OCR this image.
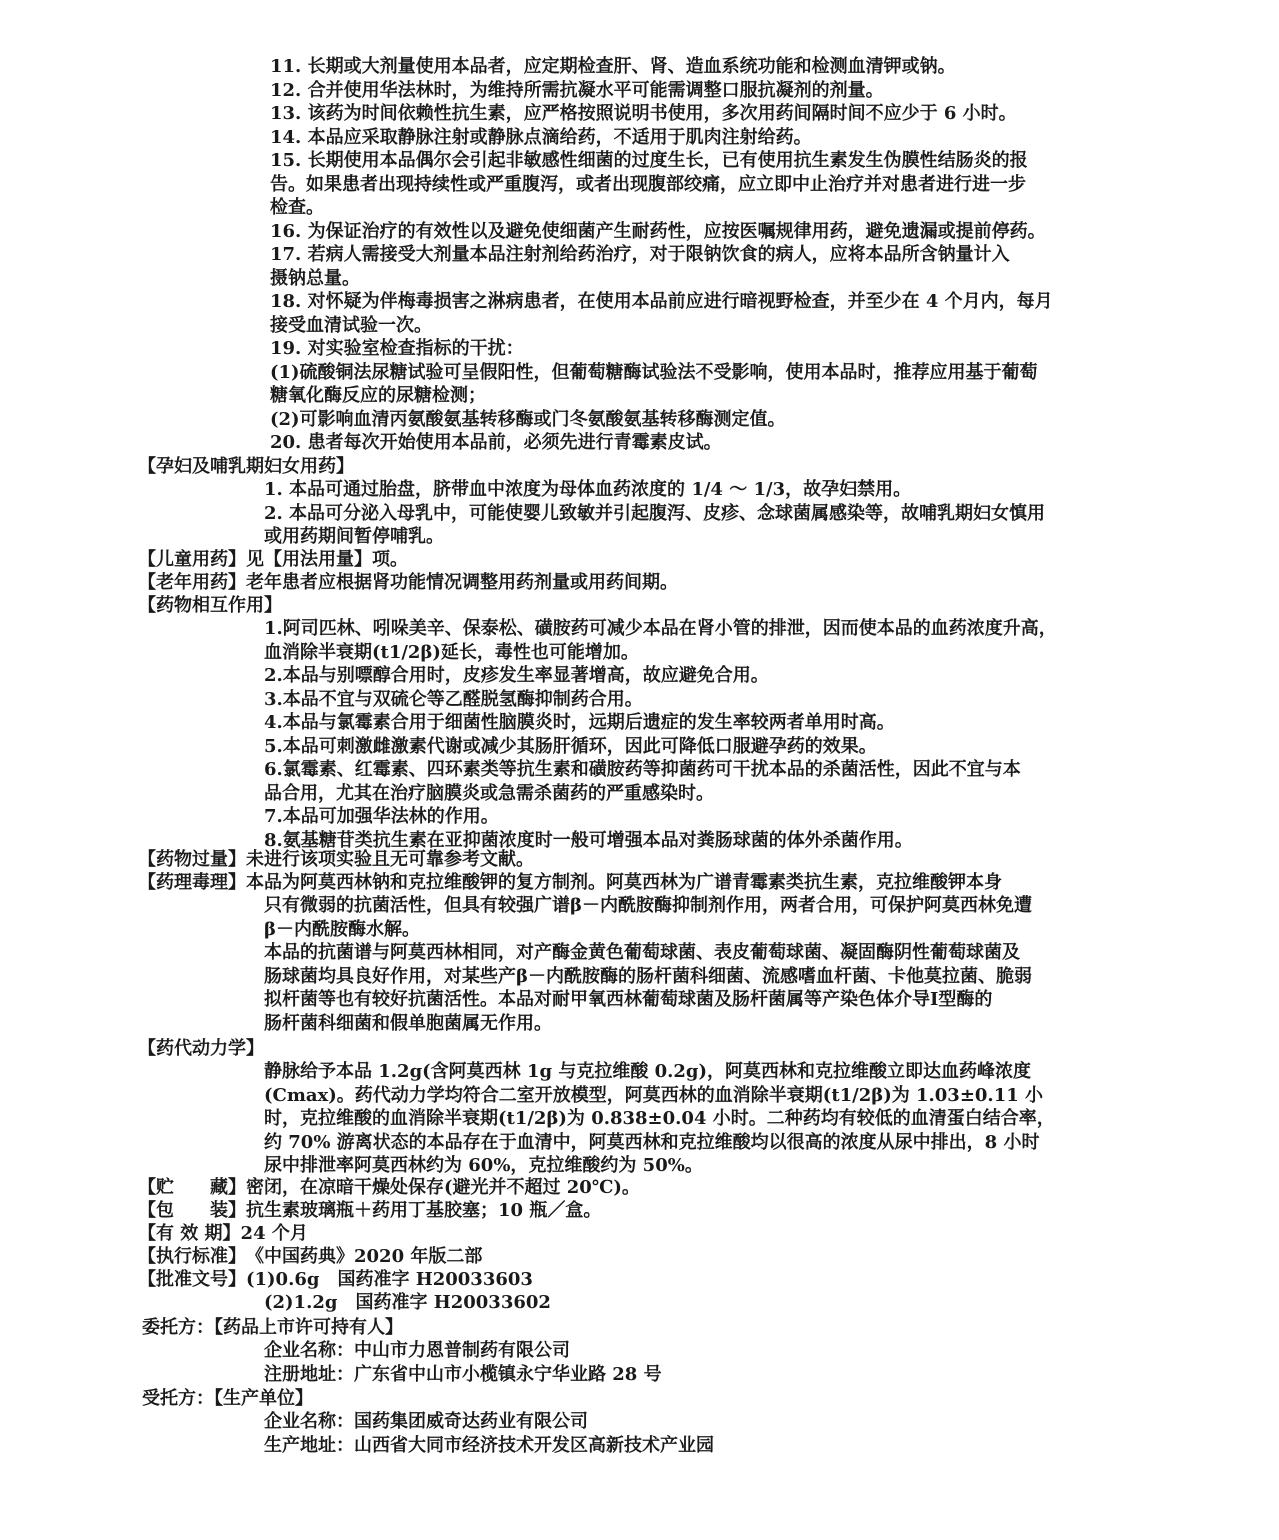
11. 长期或大剂量使用本品者，应定期检查肝、肾、造血系统功能和检测血清钾或钠。
12. 合并使用华法林时，为维持所需抗凝水平可能需调整口服抗凝剂的剂量。
13. 该药为时间依赖性抗生素，应严格按照说明书使用，多次用药间隔时间不应少于 6 小时。
14. 本品应采取静脉注射或静脉点滴给药，不适用于肌肉注射给药。
15. 长期使用本品偶尔会引起非敏感性细菌的过度生长，已有使用抗生素发生伪膜性结肠炎的报
告。如果患者出现持续性或严重腹泻，或者出现腹部绞痛，应立即中止治疗并对患者进行进一步
检查。
16. 为保证治疗的有效性以及避免使细菌产生耐药性，应按医嘱规律用药，避免遗漏或提前停药。
17. 若病人需接受大剂量本品注射剂给药治疗，对于限钠饮食的病人，应将本品所含钠量计入
摄钠总量。
18. 对怀疑为伴梅毒损害之淋病患者，在使用本品前应进行暗视野检查，并至少在 4 个月内，每月
接受血清试验一次。
19. 对实验室检查指标的干扰：
(1)硫酸铜法尿糖试验可呈假阳性，但葡萄糖酶试验法不受影响，使用本品时，推荐应用基于葡萄
糖氧化酶反应的尿糖检测；
(2)可影响血清丙氨酸氨基转移酶或门冬氨酸氨基转移酶测定值。
20. 患者每次开始使用本品前，必须先进行青霉素皮试。
【孕妇及哺乳期妇女用药】
1. 本品可通过胎盘，脐带血中浓度为母体血药浓度的 1/4 ～ 1/3，故孕妇禁用。
2. 本品可分泌入母乳中，可能使婴儿致敏并引起腹泻、皮疹、念球菌属感染等，故哺乳期妇女慎用
或用药期间暂停哺乳。
【儿童用药】 见【用法用量】项。
【老年用药】 老年患者应根据肾功能情况调整用药剂量或用药间期。
【药物相互作用】
1.阿司匹林、吲哚美辛、保泰松、磺胺药可减少本品在肾小管的排泄，因而使本品的血药浓度升高，
血消除半衰期(t1/2β)延长，毒性也可能增加。
2.本品与别嘌醇合用时，皮疹发生率显著增高，故应避免合用。
3.本品不宜与双硫仑等乙醛脱氢酶抑制药合用。
4.本品与氯霉素合用于细菌性脑膜炎时，远期后遗症的发生率较两者单用时高。
5.本品可刺激雌激素代谢或减少其肠肝循环，因此可降低口服避孕药的效果。
6.氯霉素、红霉素、四环素类等抗生素和磺胺药等抑菌药可干扰本品的杀菌活性，因此不宜与本
品合用，尤其在治疗脑膜炎或急需杀菌药的严重感染时。
7.本品可加强华法林的作用。
8.氨基糖苷类抗生素在亚抑菌浓度时一般可增强本品对粪肠球菌的体外杀菌作用。
【药物过量】 未进行该项实验且无可靠参考文献。
【药理毒理】 本品为阿莫西林钠和克拉维酸钾的复方制剂。阿莫西林为广谱青霉素类抗生素，克拉维酸钾本身
只有微弱的抗菌活性，但具有较强广谱β－内酰胺酶抑制剂作用，两者合用，可保护阿莫西林免遭
β－内酰胺酶水解。
本品的抗菌谱与阿莫西林相同，对产酶金黄色葡萄球菌、表皮葡萄球菌、凝固酶阴性葡萄球菌及
肠球菌均具良好作用，对某些产β－内酰胺酶的肠杆菌科细菌、流感嗜血杆菌、卡他莫拉菌、脆弱
拟杆菌等也有较好抗菌活性。本品对耐甲氧西林葡萄球菌及肠杆菌属等产染色体介导Ⅰ型酶的
肠杆菌科细菌和假单胞菌属无作用。
【药代动力学】
静脉给予本品 1.2g(含阿莫西林 1g 与克拉维酸 0.2g)，阿莫西林和克拉维酸立即达血药峰浓度
(Cmax)。药代动力学均符合二室开放模型，阿莫西林的血消除半衰期(t1/2β)为 1.03±0.11 小
时，克拉维酸的血消除半衰期(t1/2β)为 0.838±0.04 小时。二种药均有较低的血清蛋白结合率，
约 70% 游离状态的本品存在于血清中，阿莫西林和克拉维酸均以很高的浓度从尿中排出，8 小时
尿中排泄率阿莫西林约为 60%，克拉维酸约为 50%。
【贮　　藏】 密闭，在凉暗干燥处保存(避光并不超过 20℃)。
【包　　装】 抗生素玻璃瓶＋药用丁基胶塞；10 瓶／盒。
【有 效 期】 24 个月
【执行标准】 《中国药典》2020 年版二部
【批准文号】 (1)0.6g　国药准字 H20033603
(2)1.2g　国药准字 H20033602
委托方：【药品上市许可持有人】
企业名称：中山市力恩普制药有限公司
注册地址：广东省中山市小榄镇永宁华业路 28 号
受托方：【生产单位】
企业名称：国药集团威奇达药业有限公司
生产地址：山西省大同市经济技术开发区高新技术产业园
